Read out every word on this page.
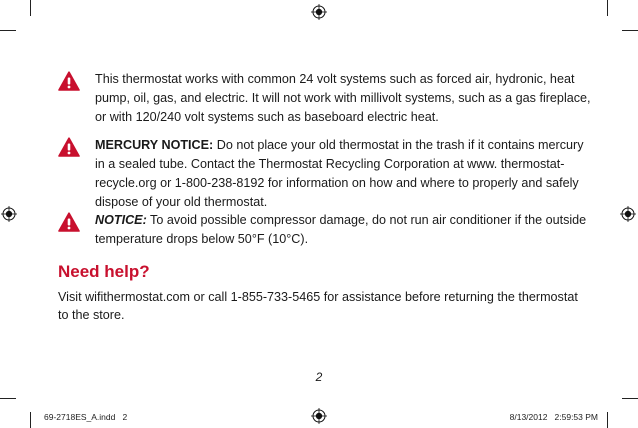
This thermostat works with common 24 volt systems such as forced air, hydronic, heat pump, oil, gas, and electric. It will not work with millivolt systems, such as a gas fireplace, or with 120/240 volt systems such as baseboard electric heat.
MERCURY NOTICE: Do not place your old thermostat in the trash if it contains mercury in a sealed tube. Contact the Thermostat Recycling Corporation at www. thermostat-recycle.org or 1-800-238-8192 for information on how and where to properly and safely dispose of your old thermostat.
NOTICE: To avoid possible compressor damage, do not run air conditioner if the outside temperature drops below 50°F (10°C).
Need help?
Visit wifithermostat.com or call 1-855-733-5465 for assistance before returning the thermostat to the store.
2
69-2718ES_A.indd   2	8/13/2012   2:59:53 PM
